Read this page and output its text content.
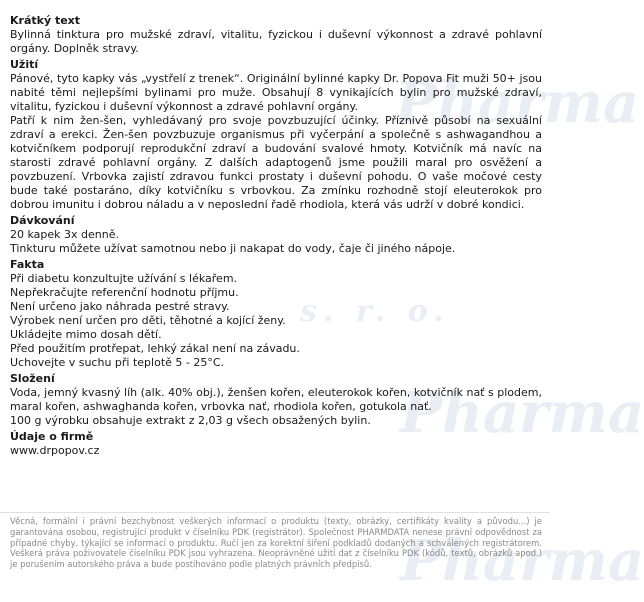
Pharma
s. r. o.
Pharma
Pharma
Krátký text

Bylinná tinktura pro mužské zdraví, vitalitu, fyzickou i duševní výkonnost a zdravé pohlavní orgány. Doplněk stravy.

Užití

Pánové, tyto kapky vás „vystřelí z trenek“. Originální bylinné kapky Dr. Popova Fit muži 50+ jsou nabité těmi nejlepšími bylinami pro muže. Obsahují 8 vynikajících bylin pro mužské zdraví, vitalitu, fyzickou i duševní výkonnost a zdravé pohlavní orgány.

Patří k nim žen-šen, vyhledávaný pro svoje povzbuzující účinky. Příznivě působí na sexuální zdraví a erekci. Žen-šen povzbuzuje organismus při vyčerpání a společně s ashwagandhou a kotvičníkem podporují reprodukční zdraví a budování svalové hmoty. Kotvičník má navíc na starosti zdravé pohlavní orgány. Z dalších adaptogenů jsme použili maral pro osvěžení a povzbuzení. Vrbovka zajistí zdravou funkci prostaty i duševní pohodu. O vaše močové cesty bude také postaráno, díky kotvičníku s vrbovkou. Za zmínku rozhodně stojí eleuterokok pro dobrou imunitu i dobrou náladu a v neposlední řadě rhodiola, která vás udrží v dobré kondici.

Dávkování
20 kapek 3x denně.
Tinkturu můžete užívat samotnou nebo ji nakapat do vody, čaje či jiného nápoje.
Fakta
Při diabetu konzultujte užívání s lékařem.
Nepřekračujte referenční hodnotu příjmu.
Není určeno jako náhrada pestré stravy.
Výrobek není určen pro děti, těhotné a kojící ženy.
Ukládejte mimo dosah dětí.
Před použitím protřepat, lehký zákal není na závadu.
Uchovejte v suchu při teplotě 5 - 25°C.
Složení

Voda, jemný kvasný líh (alk. 40% obj.), ženšen kořen, eleuterokok kořen, kotvičník nať s plodem, maral kořen, ashwaghanda kořen, vrbovka nať, rhodiola kořen, gotukola nať.

100 g výrobku obsahuje extrakt z 2,03 g všech obsažených bylin.
Údaje o firmě
www.drpopov.cz
Věcná, formální i právní bezchybnost veškerých informací o produktu (texty, obrázky, certifikáty kvality a původu...) je garantována osobou, registrující produkt v číselníku PDK (registrátor). Společnost PHARMDATA nenese právní odpovědnost za případné chyby, týkající se informací o produktu. Ručí jen za korektní šíření podkladů dodaných a schválených registrátorem. Veškerá práva poživovatele číselníku PDK jsou vyhrazena. Neoprávněné užití dat z číselníku PDK (kódů, textů, obrázků apod.) je porušením autorského práva a bude postihováno podle platných právních předpisů.
